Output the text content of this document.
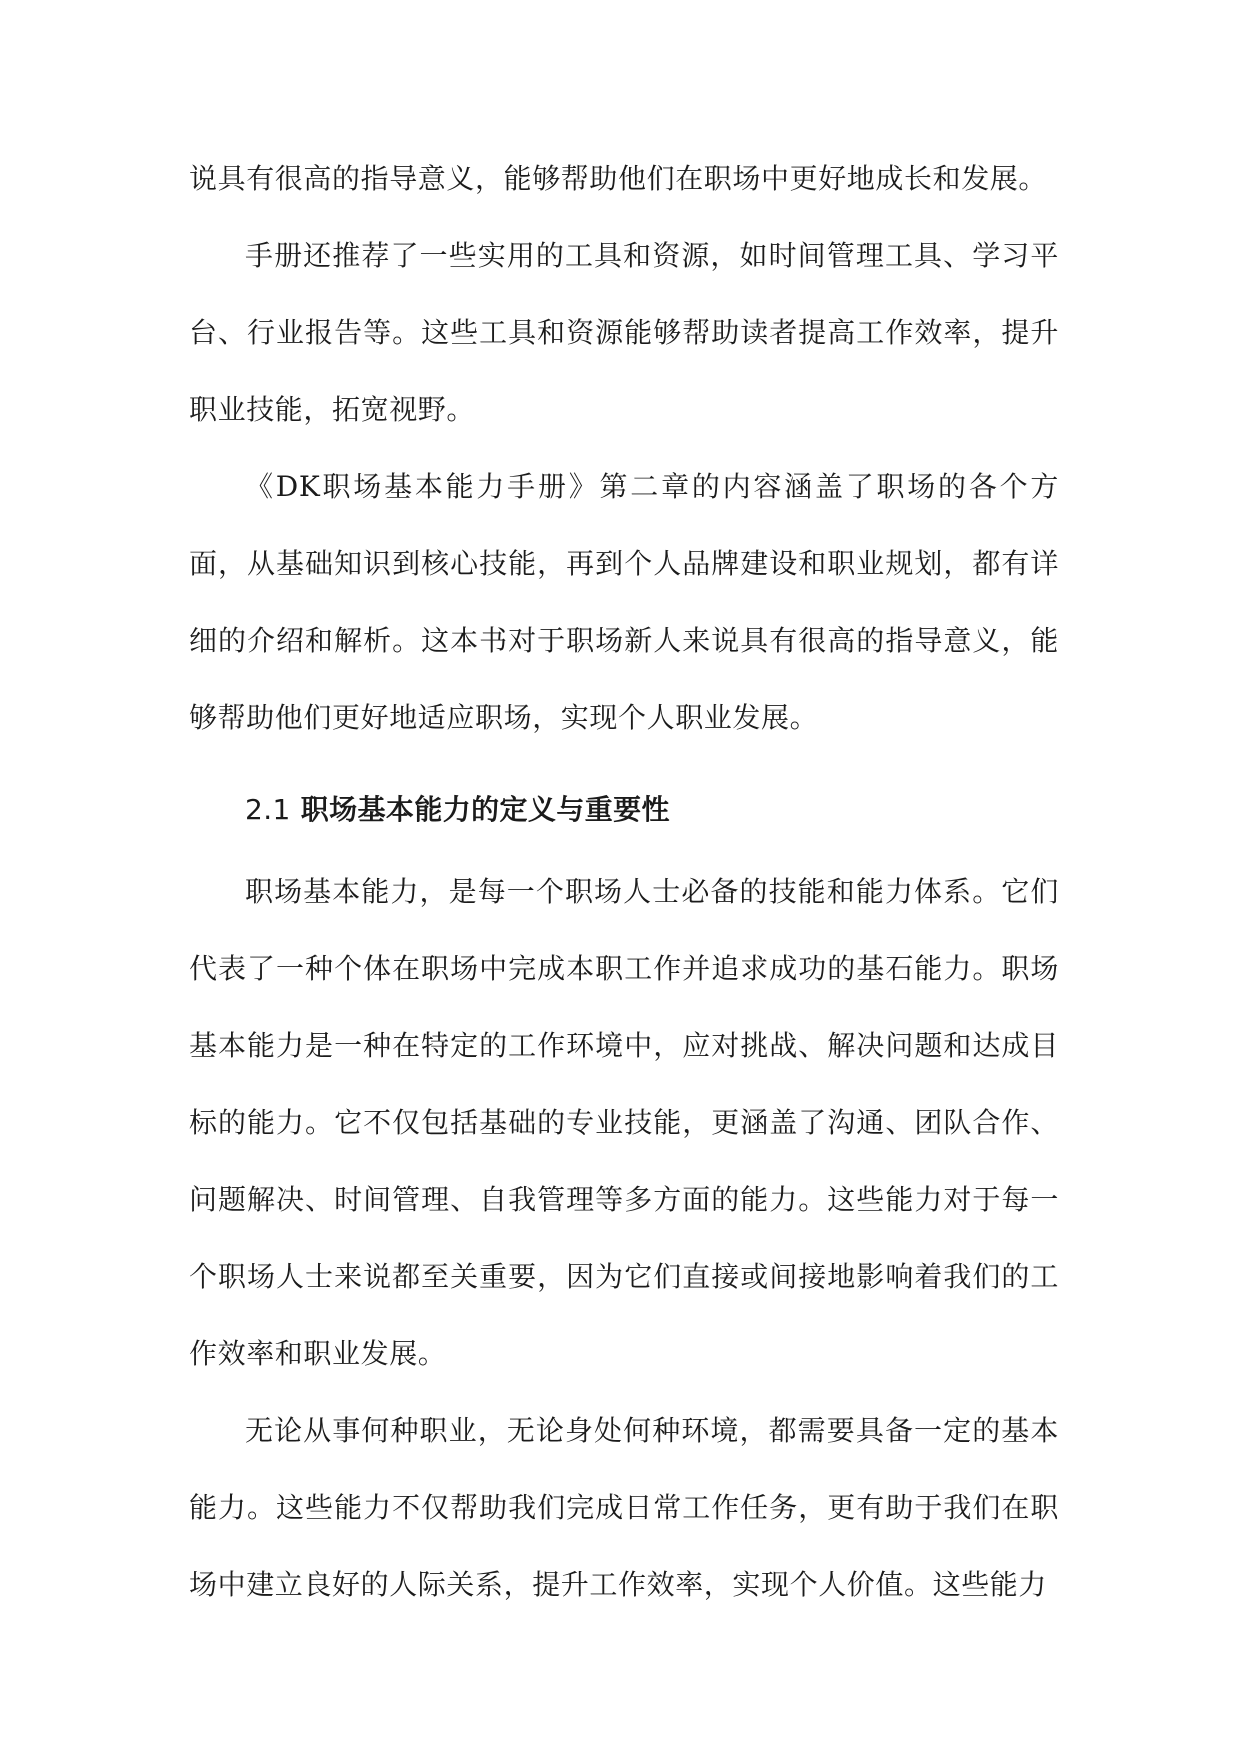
说具有很高的指导意义，能够帮助他们在职场中更好地成长和发展。

手册还推荐了一些实用的工具和资源，如时间管理工具、学习平台、行业报告等。这些工具和资源能够帮助读者提高工作效率，提升职业技能，拓宽视野。

《DK职场基本能力手册》第二章的内容涵盖了职场的各个方面，从基础知识到核心技能，再到个人品牌建设和职业规划，都有详细的介绍和解析。这本书对于职场新人来说具有很高的指导意义，能够帮助他们更好地适应职场，实现个人职业发展。

2.1 职场基本能力的定义与重要性

职场基本能力，是每一个职场人士必备的技能和能力体系。它们代表了一种个体在职场中完成本职工作并追求成功的基石能力。职场基本能力是一种在特定的工作环境中，应对挑战、解决问题和达成目标的能力。它不仅包括基础的专业技能，更涵盖了沟通、团队合作、问题解决、时间管理、自我管理等多方面的能力。这些能力对于每一个职场人士来说都至关重要，因为它们直接或间接地影响着我们的工作效率和职业发展。

无论从事何种职业，无论身处何种环境，都需要具备一定的基本能力。这些能力不仅帮助我们完成日常工作任务，更有助于我们在职场中建立良好的人际关系，提升工作效率，实现个人价值。这些能力
